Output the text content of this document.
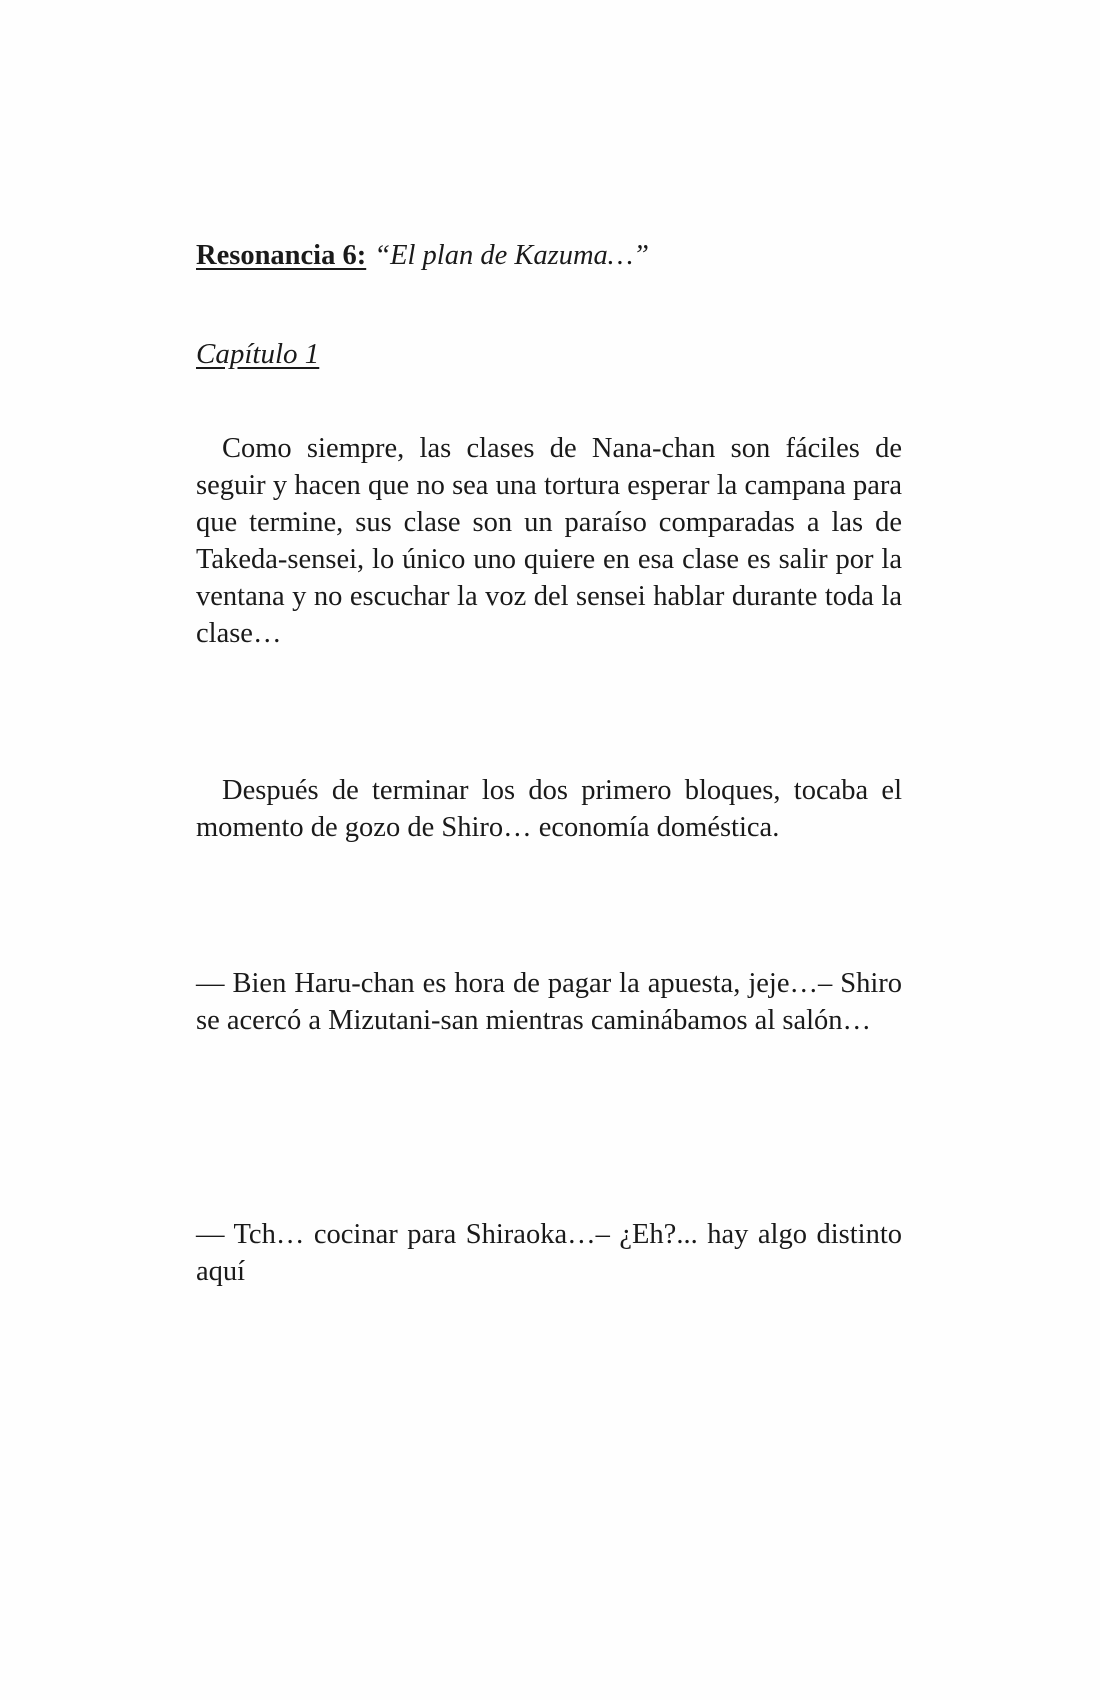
Resonancia 6: “El plan de Kazuma…”
Capítulo 1

Como siempre, las clases de Nana-chan son fáciles de seguir y hacen que no sea una tortura esperar la campana para que termine, sus clase son un paraíso comparadas a las de Takeda-sensei, lo único uno quiere en esa clase es salir por la ventana y no escuchar la voz del sensei hablar durante toda la clase…

Después de terminar los dos primero bloques, tocaba el momento de gozo de Shiro… economía doméstica.

— Bien Haru-chan es hora de pagar la apuesta, jeje…– Shiro se acercó a Mizutani-san mientras caminábamos al salón…

— Tch… cocinar para Shiraoka…– ¿Eh?... hay algo distinto aquí
